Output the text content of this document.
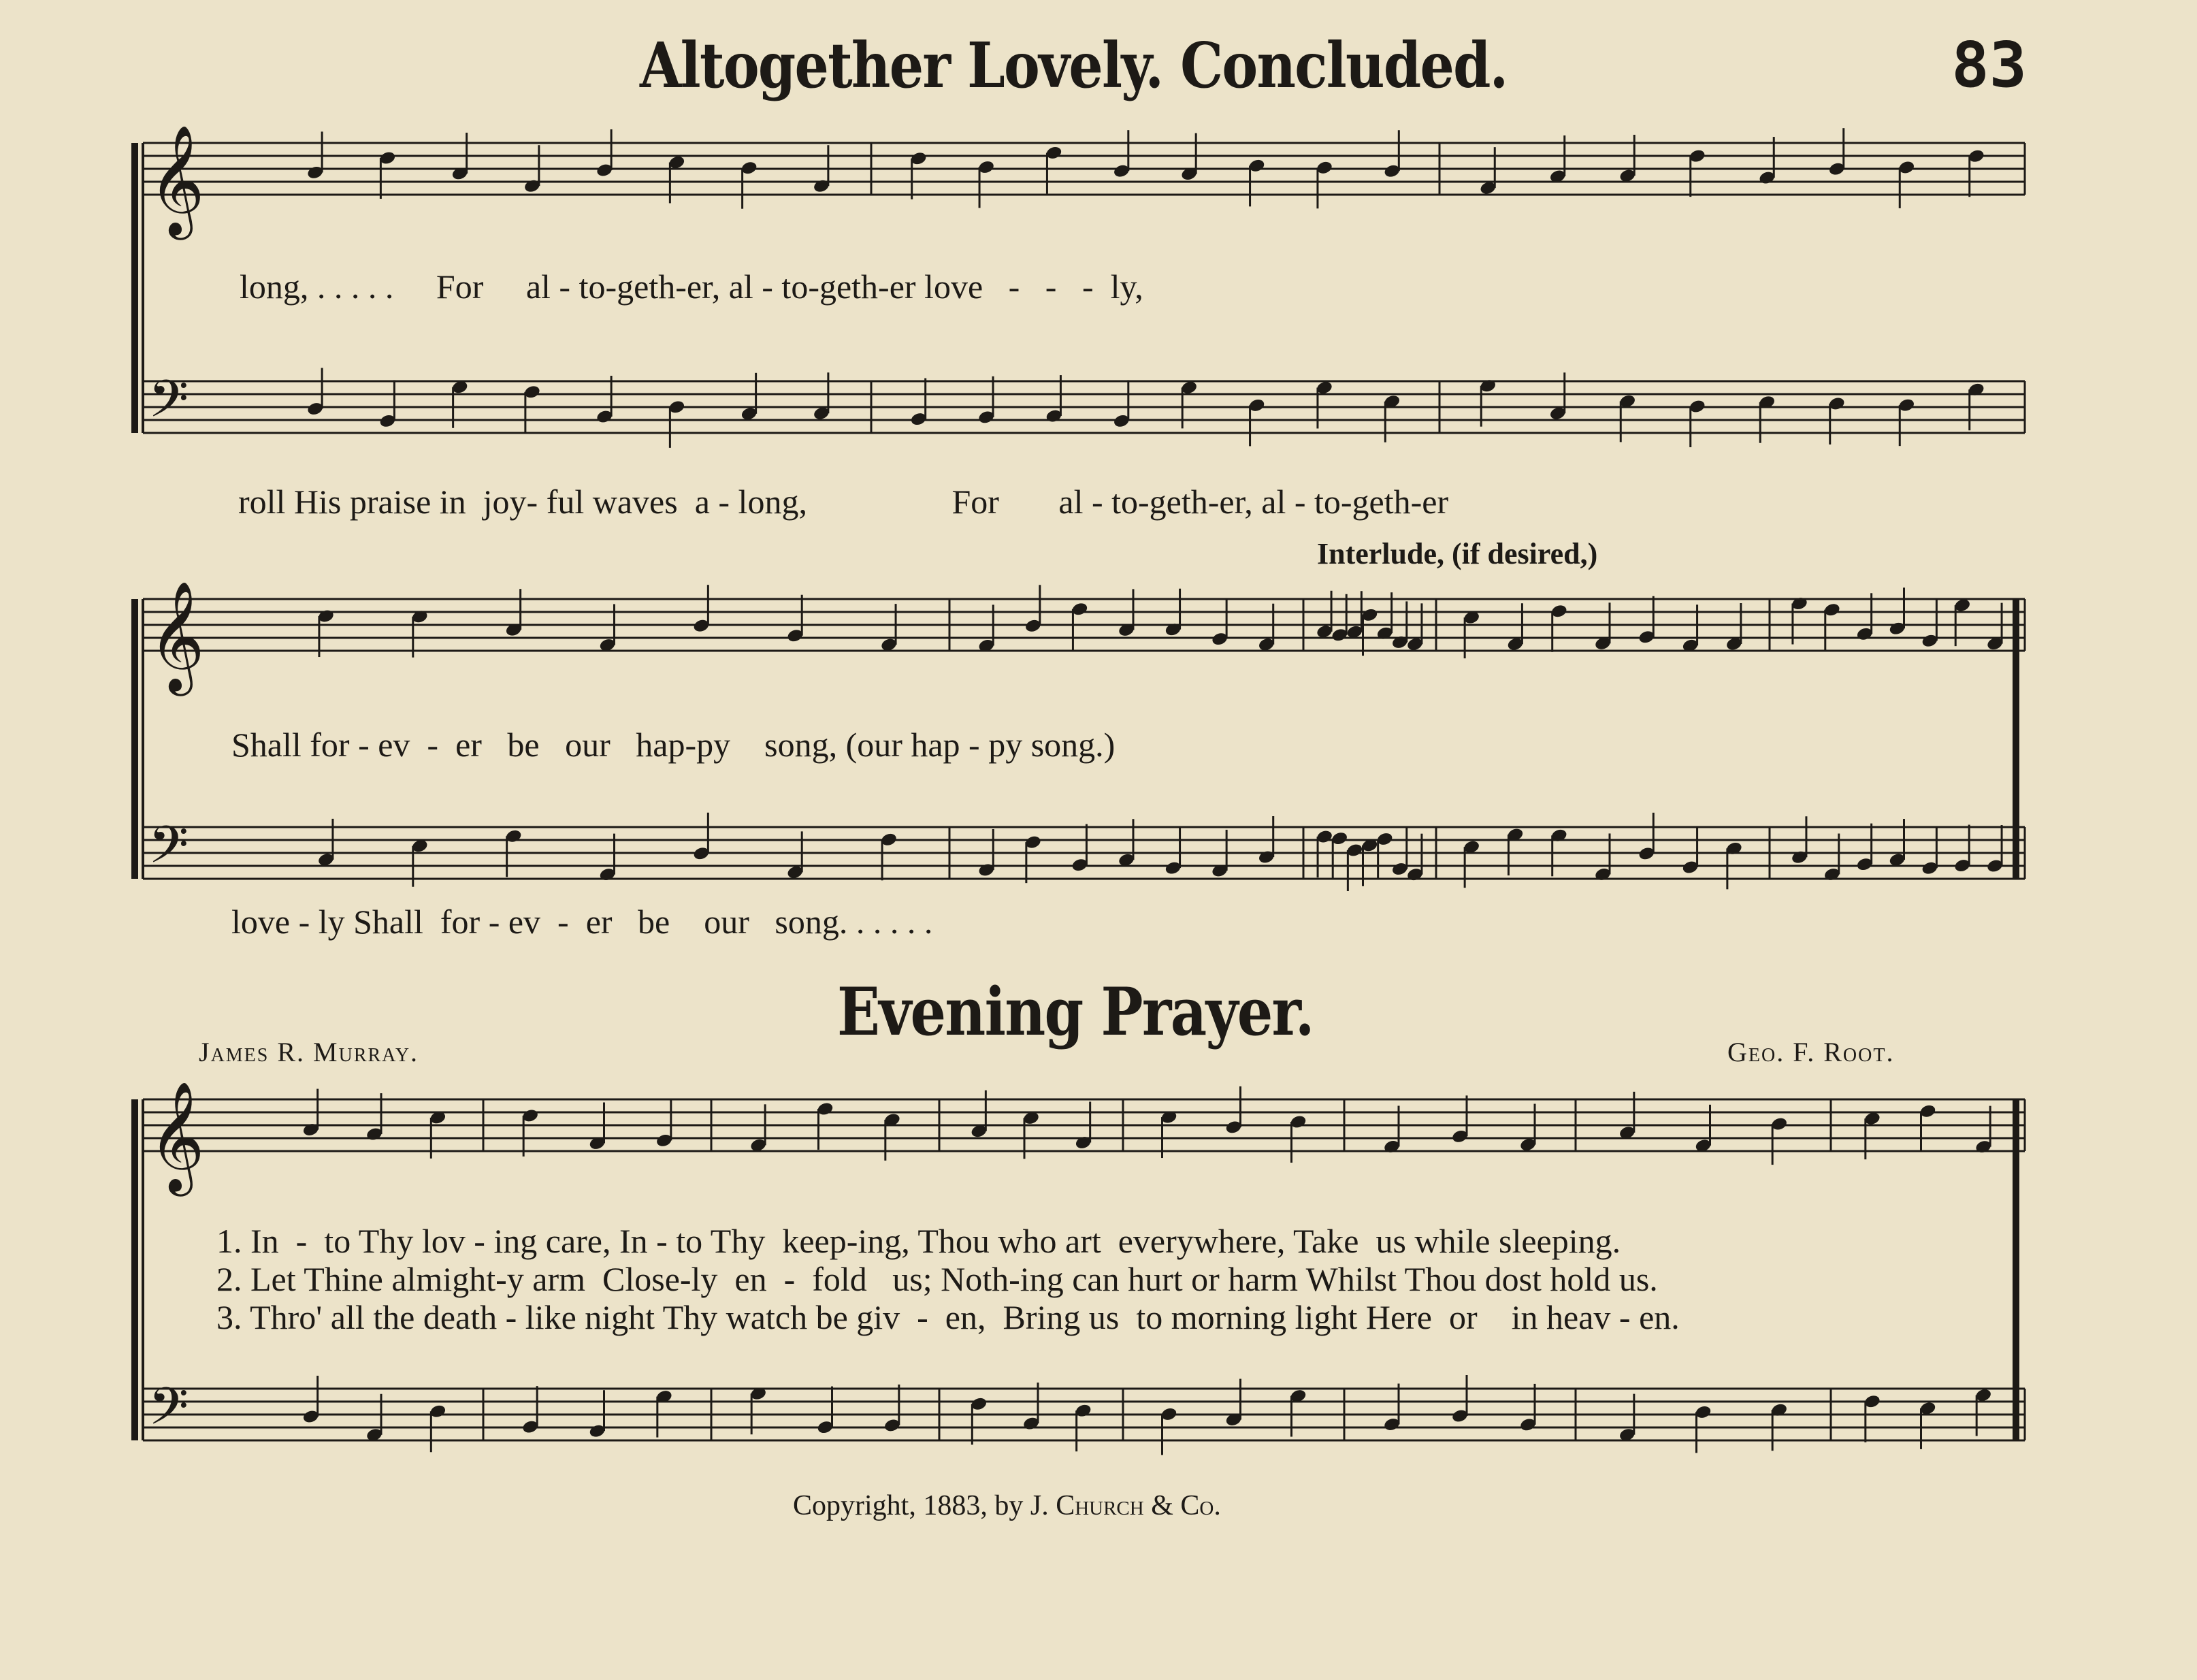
Altogether Lovely. Concluded.	83
𝄞
𝄢
𝄞
𝄢
𝄞
𝄢
long, . . . . .     For     al - to-geth-er, al - to-geth-er love   -   -   -  ly,
roll His praise in  joy- ful waves  a - long,                 For       al - to-geth-er, al - to-geth-er
Interlude, (if desired,)
Shall for - ev  -  er   be   our   hap-py    song, (our hap - py song.)
love - ly Shall  for - ev  -  er   be    our   song. . . . . .
Evening Prayer.
James R. Murray.	Geo. F. Root.
1. In  -  to Thy lov - ing care, In - to Thy  keep-ing, Thou who art  everywhere, Take  us while sleeping.
2. Let Thine almight-y arm  Close-ly  en  -  fold   us; Noth-ing can hurt or harm Whilst Thou dost hold us.
3. Thro' all the death - like night Thy watch be giv  -  en,  Bring us  to morning light Here  or    in heav - en.
Copyright, 1883, by J. Church & Co.
